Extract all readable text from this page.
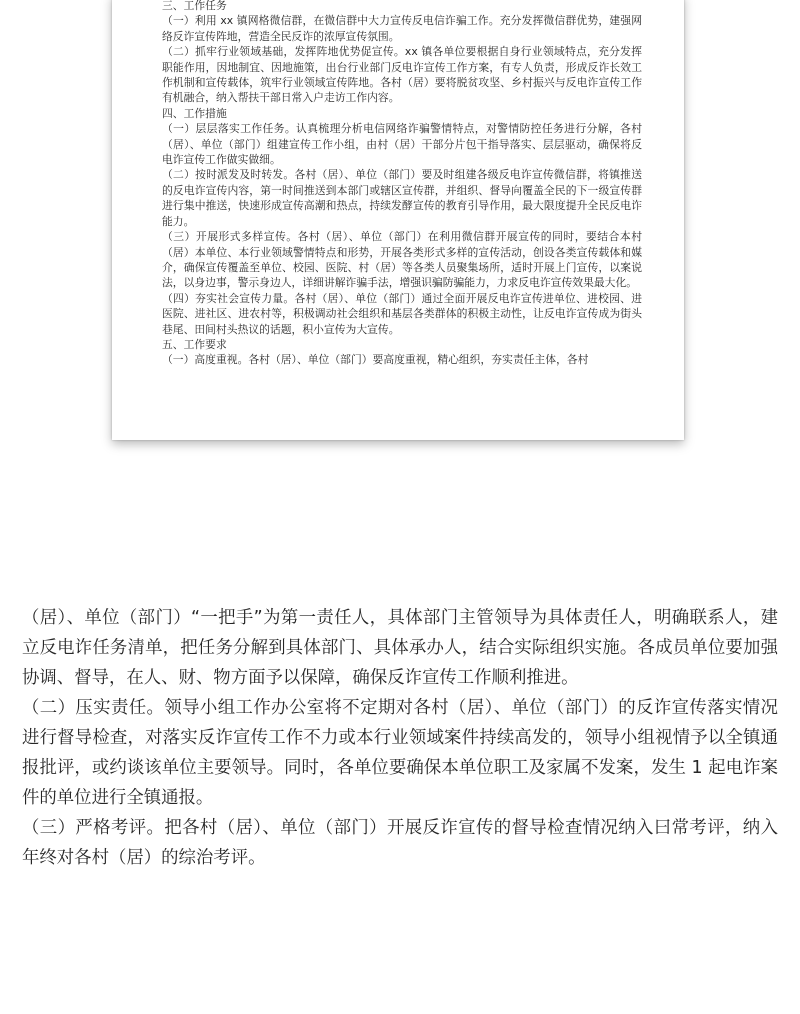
三、工作任务

（一）利用 xx 镇网格微信群，在微信群中大力宣传反电信诈骗工作。充分发挥微信群优势，建强网络反诈宣传阵地，营造全民反诈的浓厚宣传氛围。

（二）抓牢行业领域基础，发挥阵地优势促宣传。xx 镇各单位要根据自身行业领域特点，充分发挥职能作用，因地制宜、因地施策，出台行业部门反电诈宣传工作方案，有专人负责，形成反诈长效工作机制和宣传载体，筑牢行业领域宣传阵地。各村（居）要将脱贫攻坚、乡村振兴与反电诈宣传工作有机融合，纳入帮扶干部日常入户走访工作内容。

四、工作措施

（一）层层落实工作任务。认真梳理分析电信网络诈骗警情特点，对警情防控任务进行分解，各村（居）、单位（部门）组建宣传工作小组，由村（居）干部分片包干指导落实、层层驱动，确保将反电诈宣传工作做实做细。

（二）按时派发及时转发。各村（居）、单位（部门）要及时组建各级反电诈宣传微信群，将镇推送的反电诈宣传内容，第一时间推送到本部门或辖区宣传群，并组织、督导向覆盖全民的下一级宣传群进行集中推送，快速形成宣传高潮和热点，持续发酵宣传的教育引导作用，最大限度提升全民反电诈能力。

（三）开展形式多样宣传。各村（居）、单位（部门）在利用微信群开展宣传的同时，要结合本村（居）本单位、本行业领域警情特点和形势，开展各类形式多样的宣传活动，创设各类宣传载体和媒介，确保宣传覆盖至单位、校园、医院、村（居）等各类人员聚集场所，适时开展上门宣传，以案说法，以身边事，警示身边人，详细讲解诈骗手法，增强识骗防骗能力，力求反电诈宣传效果最大化。

（四）夯实社会宣传力量。各村（居）、单位（部门）通过全面开展反电诈宣传进单位、进校园、进医院、进社区、进农村等，积极调动社会组织和基层各类群体的积极主动性，让反电诈宣传成为街头巷尾、田间村头热议的话题，积小宣传为大宣传。

五、工作要求

（一）高度重视。各村（居）、单位（部门）要高度重视，精心组织，夯实责任主体，各村

（居）、单位（部门）“一把手”为第一责任人，具体部门主管领导为具体责任人，明确联系人，建立反电诈任务清单，把任务分解到具体部门、具体承办人，结合实际组织实施。各成员单位要加强协调、督导，在人、财、物方面予以保障，确保反诈宣传工作顺利推进。

（二）压实责任。领导小组工作办公室将不定期对各村（居）、单位（部门）的反诈宣传落实情况进行督导检查，对落实反诈宣传工作不力或本行业领域案件持续高发的，领导小组视情予以全镇通报批评，或约谈该单位主要领导。同时，各单位要确保本单位职工及家属不发案，发生 1 起电诈案件的单位进行全镇通报。

（三）严格考评。把各村（居）、单位（部门）开展反诈宣传的督导检查情况纳入曰常考评，纳入年终对各村（居）的综治考评。
